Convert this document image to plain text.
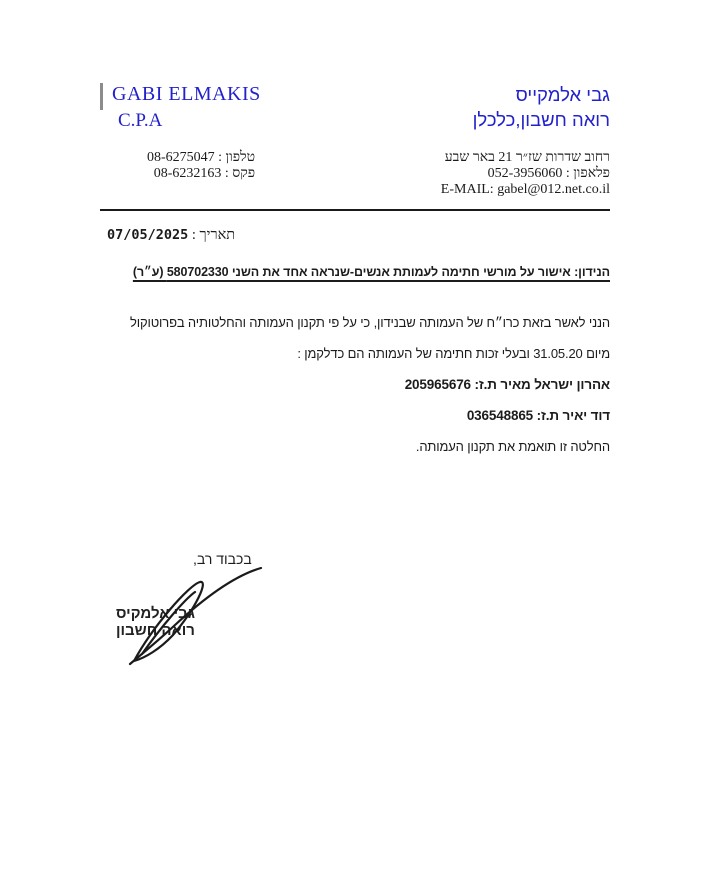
GABI ELMAKIS
C.P.A
גבי אלמקייס
רואה חשבון,כלכלן
טלפון : 08-6275047
פקס : 08-6232163
רחוב שדרות שז״ר 21 באר שבע
פלאפון : 052-3956060
E-MAIL: gabel@012.net.co.il
תאריך : 07/05/2025
הנידון: אישור על מורשי חתימה לעמותת אנשים-שנראה אחד את השני 580702330 (ע״ר)
הנני לאשר בזאת כרו״ח של העמותה שבנידון, כי על פי תקנון העמותה והחלטותיה בפרוטוקול
מיום 31.05.20 ובעלי זכות חתימה של העמותה הם כדלקמן :
אהרון ישראל מאיר ת.ז: 205965676
דוד יאיר ת.ז: 036548865
החלטה זו תואמת את תקנון העמותה.
בכבוד רב,
גבי אלמקיס
רואה חשבון
